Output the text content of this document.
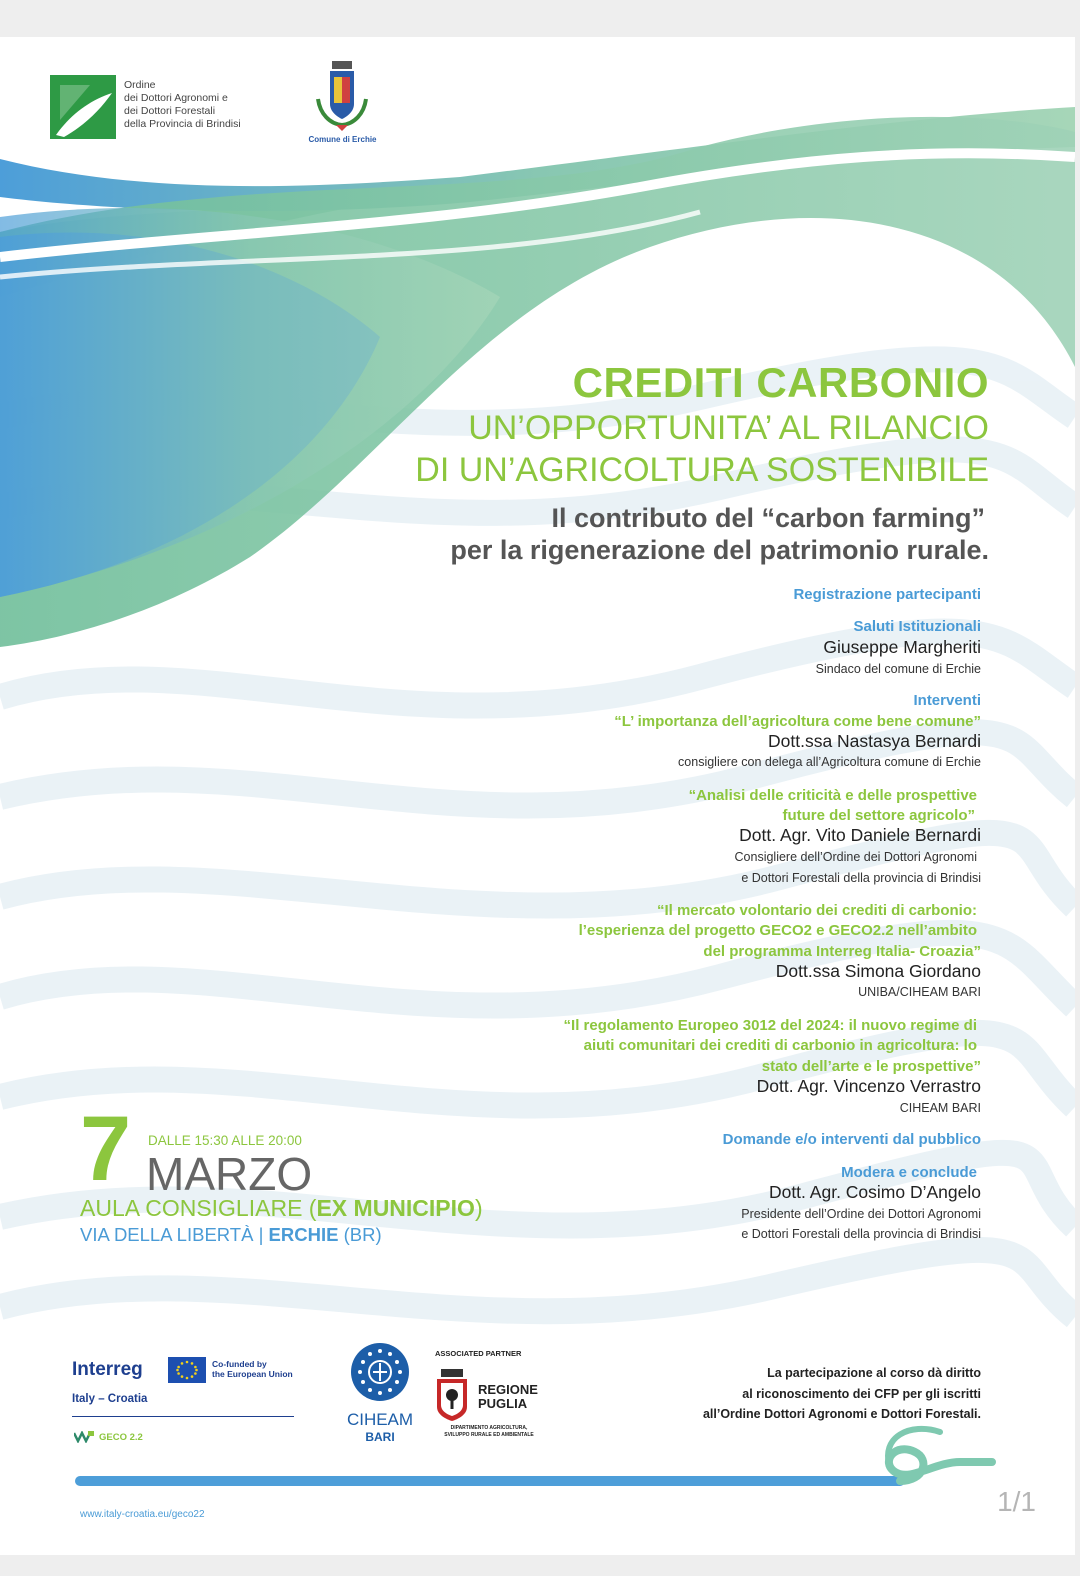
Ordine
dei Dottori Agronomi e
dei Dottori Forestali
della Provincia di Brindisi
Comune di Erchie
CREDITI CARBONIO
UN’OPPORTUNITA’ AL RILANCIO
DI UN’AGRICOLTURA SOSTENIBILE
Il contributo del “carbon farming”
per la rigenerazione del patrimonio rurale.
Registrazione partecipanti
Saluti Istituzionali
Giuseppe Margheriti
Sindaco del comune di Erchie
Interventi
“L’ importanza dell’agricoltura come bene comune”
Dott.ssa Nastasya Bernardi
consigliere con delega all’Agricoltura comune di Erchie
“Analisi delle criticità e delle prospettive
future del settore agricolo”
Dott. Agr. Vito Daniele Bernardi
Consigliere dell’Ordine dei Dottori Agronomi
e Dottori Forestali della provincia di Brindisi
“Il mercato volontario dei crediti di carbonio:
l’esperienza del progetto GECO2 e GECO2.2 nell’ambito
del programma Interreg Italia- Croazia”
Dott.ssa Simona Giordano
UNIBA/CIHEAM BARI
“Il regolamento Europeo 3012 del 2024: il nuovo regime di
aiuti comunitari dei crediti di carbonio in agricoltura: lo
stato dell’arte e le prospettive”
Dott. Agr. Vincenzo Verrastro
CIHEAM BARI
Domande e/o interventi dal pubblico
Modera e conclude
Dott. Agr. Cosimo D’Angelo
Presidente dell’Ordine dei Dottori Agronomi
e Dottori Forestali della provincia di Brindisi
7 DALLE 15:30 ALLE 20:00
MARZO
AULA CONSIGLIARE (EX MUNICIPIO)
VIA DELLA LIBERTÀ | ERCHIE (BR)
Interreg	Co-funded by
the European Union
Italy – Croatia
GECO 2.2
CIHEAM
BARI
ASSOCIATED PARTNER
REGIONE
PUGLIA
DIPARTIMENTO AGRICOLTURA,
SVILUPPO RURALE ED AMBIENTALE
La partecipazione al corso dà diritto
al riconoscimento dei CFP per gli iscritti
all’Ordine Dottori Agronomi e Dottori Forestali.
www.italy-croatia.eu/geco22	1/1
